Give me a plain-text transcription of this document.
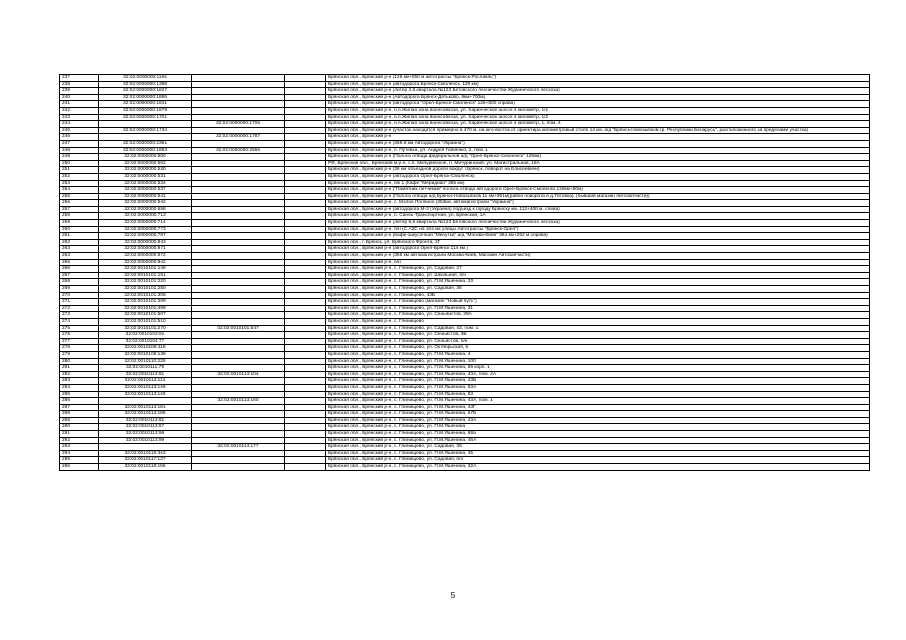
237	32:02:0000000:1194			Брянская обл., Брянский р-н (129 км+050 м автотрассы "Брянск-Рославль")
238	32:02:0000000:1398			Брянская обл., Брянский р-н (автодорога Брянск-Смоленск, 129 км)
239	32:02:0000000:1827			Брянская обл., Брянский р-н (литер 3.6 квартала №123 Бетовского лесничества Журиничского лесхоза)
240	32:02:0000000:1888			Брянская обл., Брянский р-н (Автодорога Брянск-Дятьково, 8км+700м)
241	32:02:0000000:1841			Брянская обл., Брянский р-н (автодорога "Орел-Брянск-Смоленск" 126+800 справа)
242	32:02:0000000:1878			Брянская обл., Брянский р-н, н.п.Жилая зона военсовхоза, ул. Харинческое шоссе 4 километр, 1/1
243	32:02:0000000:1701			Брянская обл., Брянский р-н, н.п.Жилая зона военсовхоза, ул. Харинческое шоссе 4 километр, 1/2
244		32:02:0000000:1705		Брянская обл., Брянский р-н, н.п.Жилая зона военсовхоза, ул. Харинческое шоссе 4 километр, 1, пом. 4
245	32:02:0000000:1734			Брянская обл., Брянский р-н (участок находится примерно в 470 м. на юго-восток от ориентира километровый столб 14 км. а/д "Брянск-Новозыбков-гр. Республики Беларусь", расположенного за пределами участка)
246		32:02:0000000:1787		Брянская обл., Брянский р-н
247	32:02:0000000:2391			Брянская обл., Брянский р-н (365-й км Автодороги "Украина")
248	32:02:0000000:1863	32:02:0000000:2565		Брянская обл., Брянский р-н, п. Путевка, ул. Андрея Гапиенко, 2, пом. 1
249	32:02:0000000:500			Брянская обл., Брянский р-н (Полоса отвода федеральной а/д "Орел-Брянск-Смоленск" 129км)
250	32:02:0000000:502			РФ, Брянская обл., Брянский м.р-н, с.п. Мичуринское, п. Мичуринский, ул. Магистральная, 18А
251	32:02:0000000:530			Брянская обл., Брянский р-н (36 км объездной дороги вокруг г.Брянск, поворот на Елисеевичи)
252	32:02:0000000:531			Брянская обл., Брянский р-н (автодорога Орел-Брянск-Смоленск)
253	32:02:0000000:534			Брянская обл., Брянский р-н, б/к 1 (Кафе "Меридиан" 365 км)
254	32:02:0000000:537			Брянская обл., Брянский р-н ("Памятник летчикам" полоса отвода автодороги Орел-Брянск-Смоленск 129км+50м)
255	32:02:0000000:541			Брянская обл., Брянский р-н (Полоса отвода а/д Брянск-Новозыбков 11 км+951м(район поворота в д.Титовка), (бывший магазин Автозапчасти))
256	32:02:0000000:542			Брянская обл., Брянский р-н, с. Мэлое Полпино (353км. автомагистрали "Украина")
257	32:02:0000000:656			Брянская обл., Брянский р-н (автодорога М-3 (Украина) подъезд к городу Брянску км. 112+400 м. слева)
258	32:02:0000000:713			Брянская обл., Брянский р-н, п. Санеь-Транспортная, ул. Брянская, 1А
259	32:02:0000000:714			Брянская обл., Брянский р-н (литер 5,6 квартала №123 Бетовского лесничества Журиничского лесхоза)
260	32:02:0000000:773			Брянская обл., Брянский р-н, б/н (С.АЗС на 104 км улицы Автотрассы "Брянск-Орел")
261	32:02:0000000:787			Брянская обл., Брянский р-н (Кафе-закусочная "Минутка" а/д "Москва-Киев" 364 км+252 м справа)
262	32:02:0000000:843			Брянская обл., г. Брянск, ул. Брянского Фронта, 2Г
263	32:02:0000000:871			Брянская обл., Брянский р-н (автодорога Орел-Брянск 114 км.)
264	32:02:0000000:872			Брянская обл., Брянский р-н (365 км автомагистрали Москва-Киев, Магазин Автозапчасти)
265	32:02:0000000:942			Брянская обл., Брянский р-н, б/н
266	32:02:0010101:148			Брянская обл., Брянский р-н, с. Глинищево, ул. Садовая, 27
267	32:02:0010101:151			Брянская обл., Брянский р-н, с. Глинищево, ул. Школьная, б/н
268	32:02:0010101:220			Брянская обл., Брянский р-н, с. Глинищево, ул. П.М.Яшенина, 33
269	32:02:0010101:250			Брянская обл., Брянский р-н, с. Глинищево, ул. Садовая, 35
270	32:02:0010101:308			Брянская обл., Брянский р-н, с. Глинищево, 43Б
271	32:02:0010101:309			Брянская обл., Брянский р-н, с. Глинищево (магазин "Новый путь")
272	32:02:0010101:489			Брянская обл., Брянский р-н, с. Глинищево, ул. П.М.Яшенина, 31
273	32:02:0010101:507			Брянская обл., Брянский р-н, с. Глинищево, ул. Сеньяистов, 39А
274	32:02:0010101:510			Брянская обл., Брянский р-н, с. Глинищево
275	32:02:0010101:270	32:02:0010101:547		Брянская обл., Брянский р-н, с. Глинищево, ул. Садовая, 42, пом. 1
276	32:02:0010103:91			Брянская обл., Брянский р-н, с. Глинищево, ул. Сеньистов, 3Б
277	32:02:0010104:77			Брянская обл., Брянский р-н, с. Глинищево, ул. Сеньистов, б/н
278	32:02:0010108:118			Брянская обл., Брянский р-н, с. Глинищево, ул. Октябрьская, 5
279	32:02:0010108:139			Брянская обл., Брянский р-н, с. Глинищево, ул. П.М.Яшенина, 4
280	32:02:0010110:225			Брянская обл., Брянский р-н, с. Глинищево, ул. П.М.Яшенина, 100
281	32:02:0010111:79			Брянская обл., Брянский р-н, с. Глинищево, ул. П.М.Яшенина, 69 корп. 1
282	32:02:0010113:81	32:02:0010113:104		Брянская обл., Брянский р-н, с. Глинищево, ул. П.М.Яшенина, 43А, пом. 2А
283	32:02:0010113:114			Брянская обл., Брянский р-н, с. Глинищево, ул. П.М.Яшенина, 43Б
284	32:02:0010113:148			Брянская обл., Брянский р-н, с. Глинищево, ул. П.М.Яшенина, 63А
285	32:02:0010113:149			Брянская обл., Брянский р-н, с. Глинищево, ул. П.М.Яшенина, 63
286		32:02:0010113:160		Брянская обл., Брянский р-н, с. Глинищево, ул. П.М.Яшенина, 43А, пом. 1
287	32:02:0010113:181			Брянская обл., Брянский р-н, с. Глинищево, ул. П.М.Яшенина, 43Г
288	32:02:0010113:186			Брянская обл., Брянский р-н, с. Глинищево, ул. П.М.Яшенина, 67Б
289	32:02:0010113:81			Брянская обл., Брянский р-н, с. Глинищево, ул. П.М.Яшенина, 43А
290	32:02:0010113:87			Брянская обл., Брянский р-н, с. Глинищево, ул. П.М.Яшенина
291	32:02:0010113:96			Брянская обл., Брянский р-н, с. Глинищево, ул. П.М.Яшенина, 69а
292	32:02:0010113:99			Брянская обл., Брянский р-н, с. Глинищево, ул. П.М.Яшенина, 46А
293		32:02:0010114:177		Брянская обл., Брянский р-н, с. Глинищево, ул. Садовая, 36
294	32:02:0010115:343			Брянская обл., Брянский р-н, с. Глинищево, ул. П.М.Яшенина, 35
295	32:02:0010117:137			Брянская обл., Брянский р-н, с. Глинищево, ул. Садовая, б/н
296	32:02:0010118:165			Брянская обл., Брянский р-н, с. Глинищево, ул. П.М.Яшенина, 32А
5
